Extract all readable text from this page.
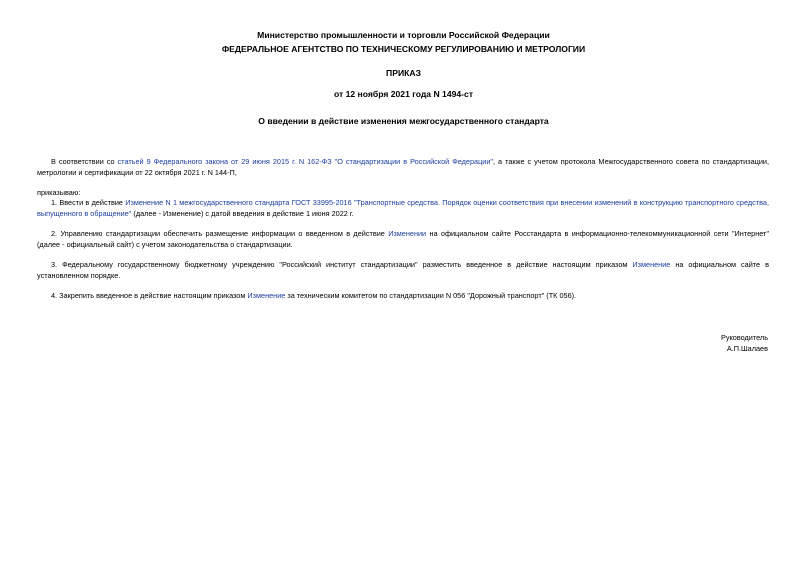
Министерство промышленности и торговли Российской Федерации
ФЕДЕРАЛЬНОЕ АГЕНТСТВО ПО ТЕХНИЧЕСКОМУ РЕГУЛИРОВАНИЮ И МЕТРОЛОГИИ
ПРИКАЗ
от 12 ноября 2021 года N 1494-ст
О введении в действие изменения межгосударственного стандарта
В соответствии со статьей 9 Федерального закона от 29 июня 2015 г. N 162-ФЗ "О стандартизации в Российской Федерации", а также с учетом протокола Межгосударственного совета по стандартизации, метрологии и сертификации от 22 октября 2021 г. N 144-П,
приказываю:
1. Ввести в действие Изменение N 1 межгосударственного стандарта ГОСТ 33995-2016 "Транспортные средства. Порядок оценки соответствия при внесении изменений в конструкцию транспортного средства, выпущенного в обращение" (далее - Изменение) с датой введения в действие 1 июня 2022 г.
2. Управлению стандартизации обеспечить размещение информации о введенном в действие Изменении на официальном сайте Росстандарта в информационно-телекоммуникационной сети "Интернет" (далее - официальный сайт) с учетом законодательства о стандартизации.
3. Федеральному государственному бюджетному учреждению "Российский институт стандартизации" разместить введенное в действие настоящим приказом Изменение на официальном сайте в установленном порядке.
4. Закрепить введенное в действие настоящим приказом Изменение за техническим комитетом по стандартизации N 056 "Дорожный транспорт" (ТК 056).
Руководитель
А.П.Шалаев
